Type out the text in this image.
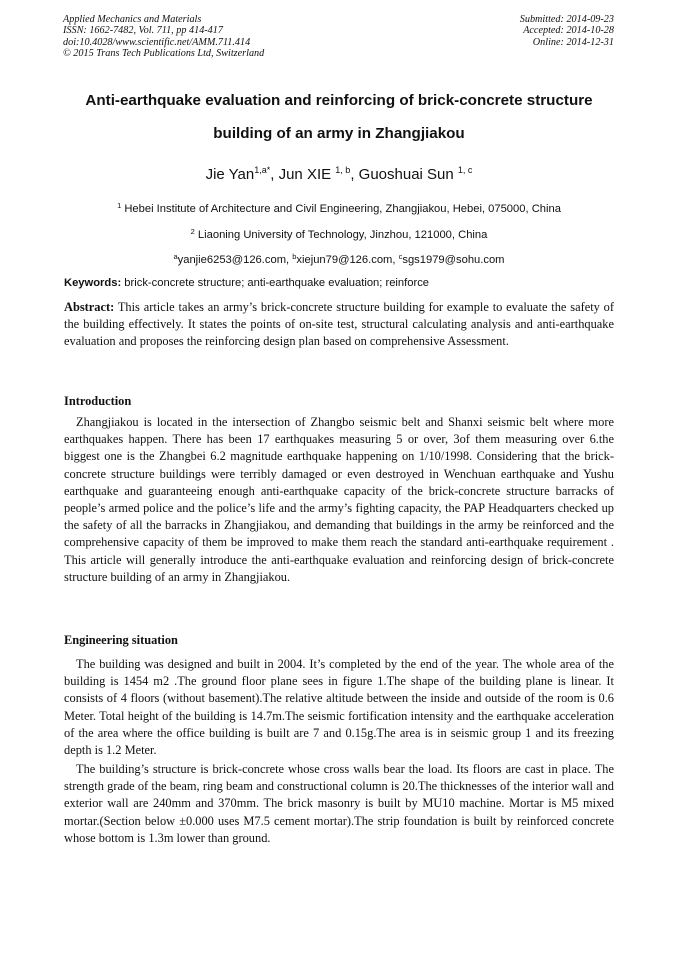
Applied Mechanics and Materials
ISSN: 1662-7482, Vol. 711, pp 414-417
doi:10.4028/www.scientific.net/AMM.711.414
© 2015 Trans Tech Publications Ltd, Switzerland
Submitted: 2014-09-23
Accepted: 2014-10-28
Online: 2014-12-31
Anti-earthquake evaluation and reinforcing of brick-concrete structure
building of an army in Zhangjiakou
Jie Yan$^{1,a*}$, Jun XIE $^{1, b}$, Guoshuai Sun $^{1, c}$
$^1$ Hebei Institute of Architecture and Civil Engineering, Zhangjiakou, Hebei, 075000, China
$^2$ Liaoning University of Technology, Jinzhou, 121000, China
$^a$yanjie6253@126.com, $^b$xiejun79@126.com, $^c$sgs1979@sohu.com
Keywords: brick-concrete structure; anti-earthquake evaluation; reinforce
Abstract: This article takes an army’s brick-concrete structure building for example to evaluate the safety of the building effectively. It states the points of on-site test, structural calculating analysis and anti-earthquake evaluation and proposes the reinforcing design plan based on comprehensive Assessment.
Introduction

Zhangjiakou is located in the intersection of Zhangbo seismic belt and Shanxi seismic belt where more earthquakes happen. There has been 17 earthquakes measuring 5 or over, 3of them measuring over 6.the biggest one is the Zhangbei 6.2 magnitude earthquake happening on 1/10/1998. Considering that the brick-concrete structure buildings were terribly damaged or even destroyed in Wenchuan earthquake and Yushu earthquake and guaranteeing enough anti-earthquake capacity of the brick-concrete structure barracks of people’s armed police and the police’s life and the army’s fighting capacity, the PAP Headquarters checked up the safety of all the barracks in Zhangjiakou, and demanding that buildings in the army be reinforced and the comprehensive capacity of them be improved to make them reach the standard anti-earthquake requirement . This article will generally introduce the anti-earthquake evaluation and reinforcing design of brick-concrete structure building of an army in Zhangjiakou.

Engineering situation

The building was designed and built in 2004. It’s completed by the end of the year. The whole area of the building is 1454 m2 .The ground floor plane sees in figure 1.The shape of the building plane is linear. It consists of 4 floors (without basement).The relative altitude between the inside and outside of the room is 0.6 Meter. Total height of the building is 14.7m.The seismic fortification intensity and the earthquake acceleration of the area where the office building is built are 7 and 0.15g.The area is in seismic group 1 and its freezing depth is 1.2 Meter.

The building’s structure is brick-concrete whose cross walls bear the load. Its floors are cast in place. The strength grade of the beam, ring beam and constructional column is 20.The thicknesses of the interior wall and exterior wall are 240mm and 370mm. The brick masonry is built by MU10 machine. Mortar is M5 mixed mortar.(Section below ±0.000 uses M7.5 cement mortar).The strip foundation is built by reinforced concrete whose bottom is 1.3m lower than ground.
